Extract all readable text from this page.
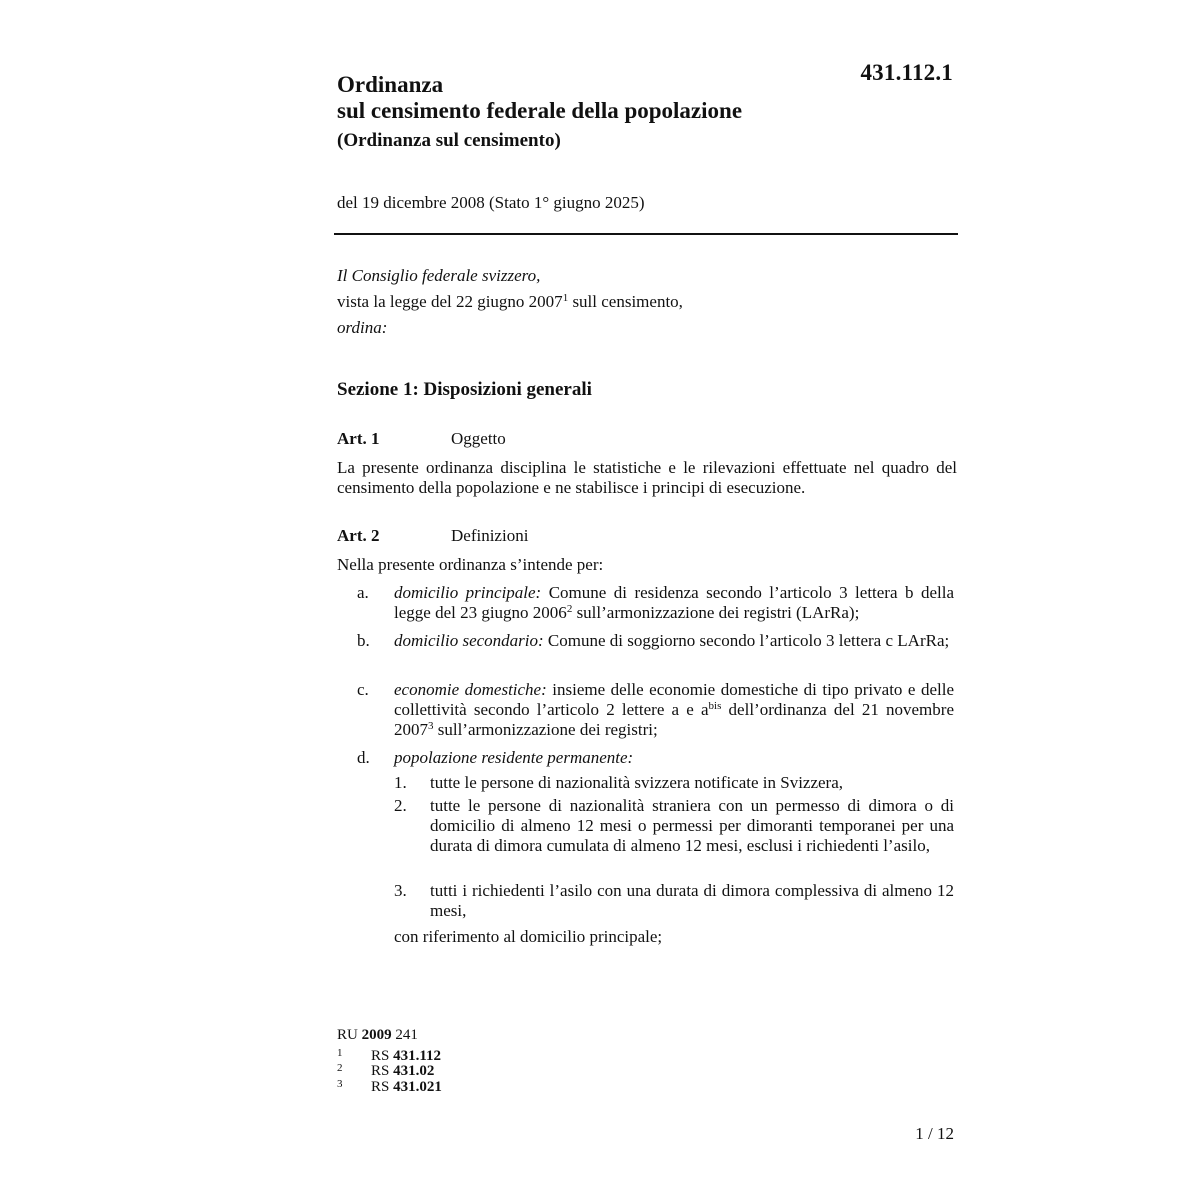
431.112.1
Ordinanza
sul censimento federale della popolazione
(Ordinanza sul censimento)
del 19 dicembre 2008 (Stato 1° giugno 2025)
Il Consiglio federale svizzero,
vista la legge del 22 giugno 2007$^1$ sull censimento,
ordina:
Sezione 1: Disposizioni generali
Art. 1	Oggetto
La presente ordinanza disciplina le statistiche e le rilevazioni effettuate nel quadro del censimento della popolazione e ne stabilisce i principi di esecuzione.
Art. 2	Definizioni
Nella presente ordinanza s’intende per:
a. domicilio principale: Comune di residenza secondo l’articolo 3 lettera b della legge del 23 giugno 2006$^2$ sull’armonizzazione dei registri (LArRa);
b. domicilio secondario: Comune di soggiorno secondo l’articolo 3 lettera c LArRa;
c. economie domestiche: insieme delle economie domestiche di tipo privato e delle collettività secondo l’articolo 2 lettere a e $a^{bis}$ dell’ordinanza del 21 novembre 2007$^3$ sull’armonizzazione dei registri;
d. popolazione residente permanente:
1. tutte le persone di nazionalità svizzera notificate in Svizzera,
2. tutte le persone di nazionalità straniera con un permesso di dimora o di domicilio di almeno 12 mesi o permessi per dimoranti temporanei per una durata di dimora cumulata di almeno 12 mesi, esclusi i richiedenti l’asilo,
3. tutti i richiedenti l’asilo con una durata di dimora complessiva di almeno 12 mesi,
con riferimento al domicilio principale;
RU 2009 241
1 RS 431.112
2 RS 431.02
3 RS 431.021
1 / 12
